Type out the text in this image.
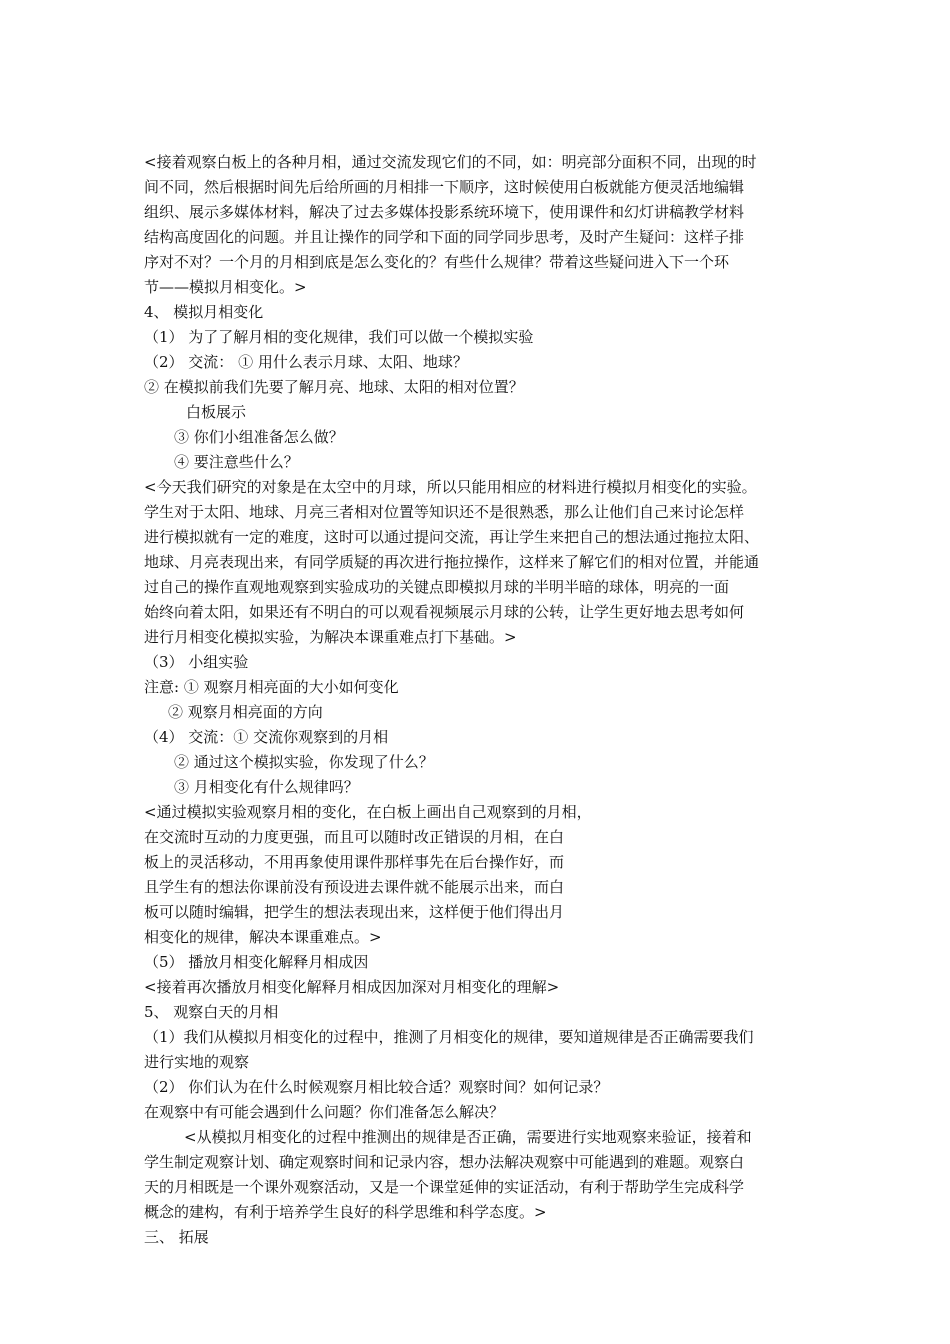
<接着观察白板上的各种月相，通过交流发现它们的不同，如：明亮部分面积不同，出现的时
间不同，然后根据时间先后给所画的月相排一下顺序，这时候使用白板就能方便灵活地编辑
组织、展示多媒体材料，解决了过去多媒体投影系统环境下，使用课件和幻灯讲稿教学材料
结构高度固化的问题。并且让操作的同学和下面的同学同步思考，及时产生疑问：这样子排
序对不对？一个月的月相到底是怎么变化的？有些什么规律？带着这些疑问进入下一个环
节——模拟月相变化。>
4、 模拟月相变化
（1） 为了了解月相的变化规律，我们可以做一个模拟实验
（2） 交流： ① 用什么表示月球、太阳、地球？
② 在模拟前我们先要了解月亮、地球、太阳的相对位置？
白板展示
③ 你们小组准备怎么做？
④ 要注意些什么？
<今天我们研究的对象是在太空中的月球，所以只能用相应的材料进行模拟月相变化的实验。
学生对于太阳、地球、月亮三者相对位置等知识还不是很熟悉，那么让他们自己来讨论怎样
进行模拟就有一定的难度，这时可以通过提问交流，再让学生来把自己的想法通过拖拉太阳、
地球、月亮表现出来，有同学质疑的再次进行拖拉操作，这样来了解它们的相对位置，并能通
过自己的操作直观地观察到实验成功的关键点即模拟月球的半明半暗的球体，明亮的一面
始终向着太阳，如果还有不明白的可以观看视频展示月球的公转，让学生更好地去思考如何
进行月相变化模拟实验，为解决本课重难点打下基础。>
（3） 小组实验
注意: ① 观察月相亮面的大小如何变化
② 观察月相亮面的方向
（4） 交流：① 交流你观察到的月相
② 通过这个模拟实验，你发现了什么？
③ 月相变化有什么规律吗？
<通过模拟实验观察月相的变化，在白板上画出自己观察到的月相，
在交流时互动的力度更强，而且可以随时改正错误的月相，在白
板上的灵活移动，不用再象使用课件那样事先在后台操作好，而
且学生有的想法你课前没有预设进去课件就不能展示出来，而白
板可以随时编辑，把学生的想法表现出来，这样便于他们得出月
相变化的规律，解决本课重难点。>
（5） 播放月相变化解释月相成因
<接着再次播放月相变化解释月相成因加深对月相变化的理解>
5、 观察白天的月相
（1）我们从模拟月相变化的过程中，推测了月相变化的规律，要知道规律是否正确需要我们
进行实地的观察
（2） 你们认为在什么时候观察月相比较合适？观察时间？如何记录？
在观察中有可能会遇到什么问题？你们准备怎么解决？
<从模拟月相变化的过程中推测出的规律是否正确，需要进行实地观察来验证，接着和
学生制定观察计划、确定观察时间和记录内容，想办法解决观察中可能遇到的难题。观察白
天的月相既是一个课外观察活动，又是一个课堂延伸的实证活动，有利于帮助学生完成科学
概念的建构，有利于培养学生良好的科学思维和科学态度。>
三、 拓展
